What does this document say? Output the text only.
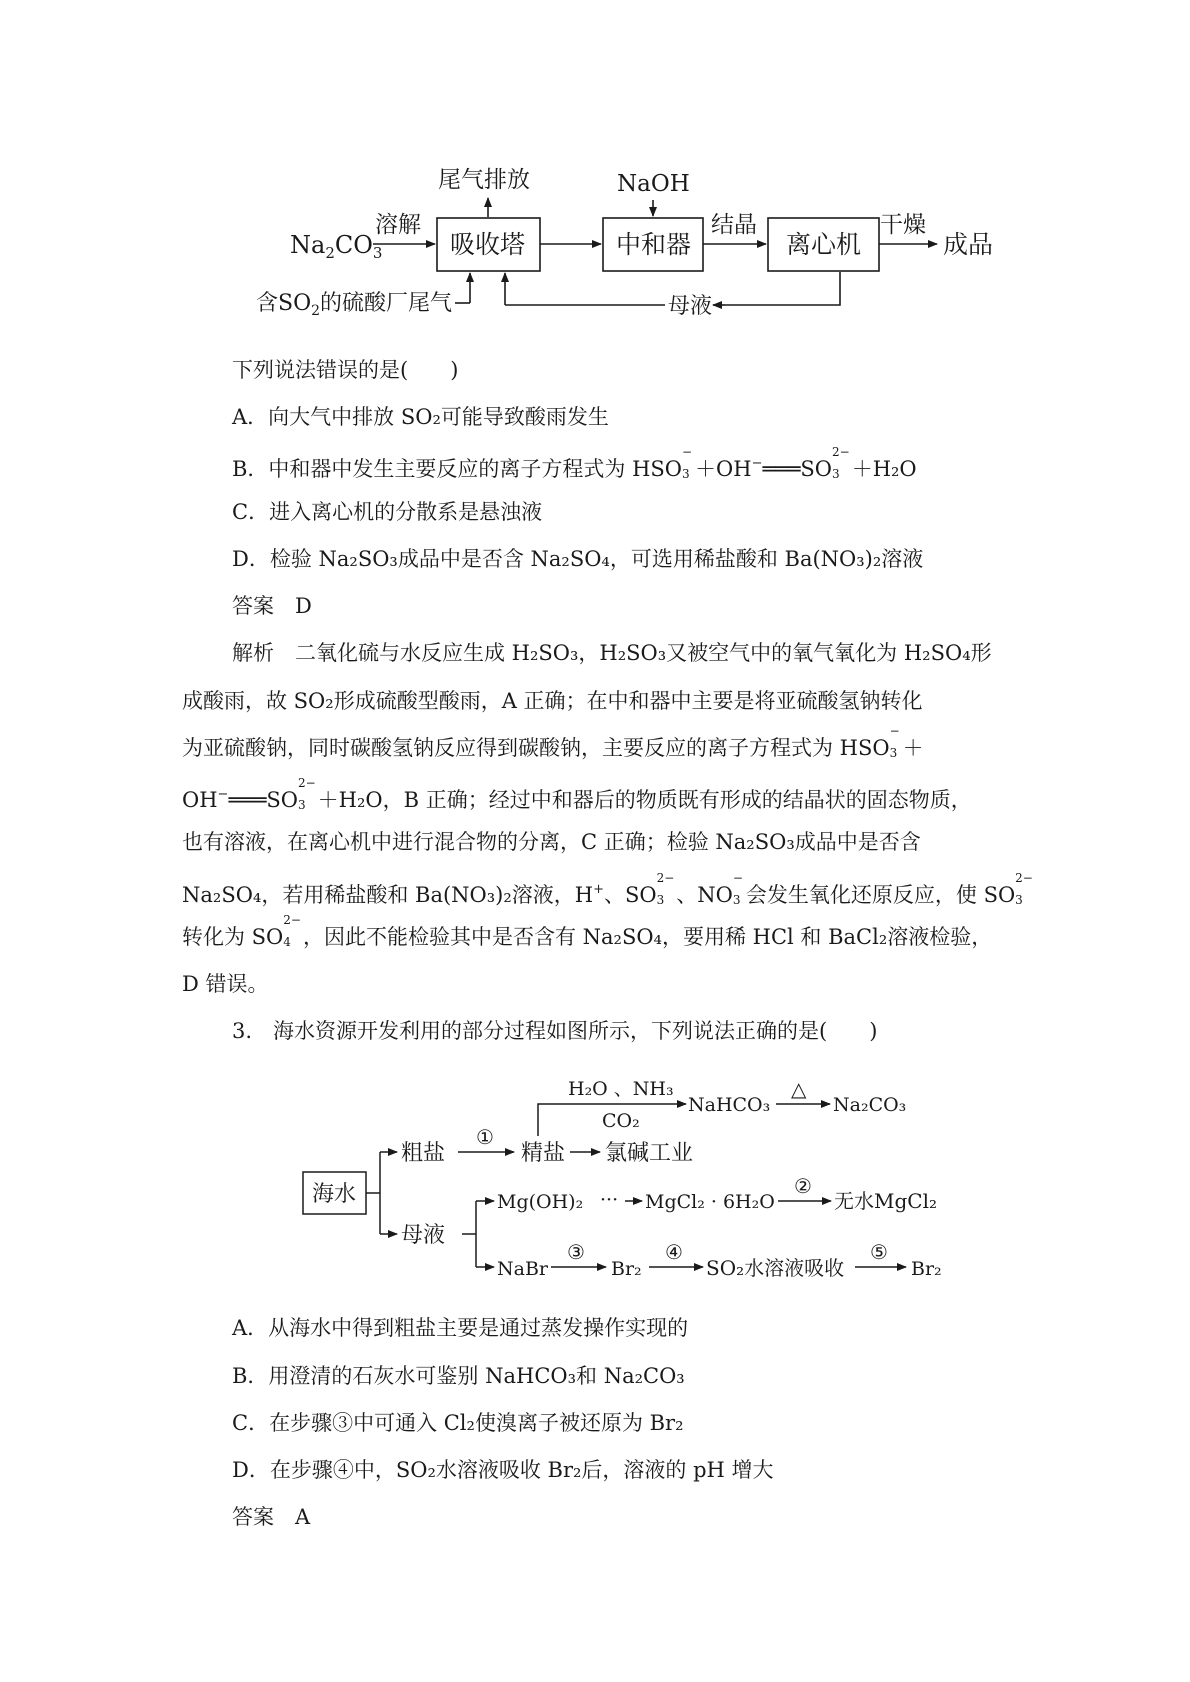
$Na_2CO_3$
溶解
吸收塔
尾气排放
含$SO_2$的硫酸厂尾气
NaOH
中和器
结晶
离心机
干燥
成品
母液
下列说法错误的是(　　)
A．向大气中排放 SO₂可能导致酸雨发生
B．中和器中发生主要反应的离子方程式为 HSO
−
3 ＋OH−═══SO
2−
3 ＋H₂O
C．进入离心机的分散系是悬浊液
D．检验 Na₂SO₃成品中是否含 Na₂SO₄，可选用稀盐酸和 Ba(NO₃)₂溶液
答案　D
解析　二氧化硫与水反应生成 H₂SO₃，H₂SO₃又被空气中的氧气氧化为 H₂SO₄形
成酸雨，故 SO₂形成硫酸型酸雨，A 正确；在中和器中主要是将亚硫酸氢钠转化
为亚硫酸钠，同时碳酸氢钠反应得到碳酸钠，主要反应的离子方程式为 HSO
−
3 ＋
OH−═══SO
2−
3 ＋H₂O，B 正确；经过中和器后的物质既有形成的结晶状的固态物质，
也有溶液，在离心机中进行混合物的分离，C 正确；检验 Na₂SO₃成品中是否含
Na₂SO₄，若用稀盐酸和 Ba(NO₃)₂溶液，H+、SO
2−
3 、NO
−
3 会发生氧化还原反应，使 SO
2−
3
转化为 SO
2−
4 ，因此不能检验其中是否含有 Na₂SO₄，要用稀 HCl 和 BaCl₂溶液检验，
D 错误。
3.　海水资源开发利用的部分过程如图所示，下列说法正确的是(　　)
海水
粗盐
①
精盐
H₂O 、NH₃
CO₂
NaHCO₃
△
Na₂CO₃
氯碱工业
母液
Mg(OH)₂ ··· MgCl₂ · 6H₂O
②
无水MgCl₂
NaBr
③
Br₂
④
SO₂水溶液吸收
⑤
Br₂
A．从海水中得到粗盐主要是通过蒸发操作实现的
B．用澄清的石灰水可鉴别 NaHCO₃和 Na₂CO₃
C．在步骤③中可通入 Cl₂使溴离子被还原为 Br₂
D．在步骤④中，SO₂水溶液吸收 Br₂后，溶液的 pH 增大
答案　A
